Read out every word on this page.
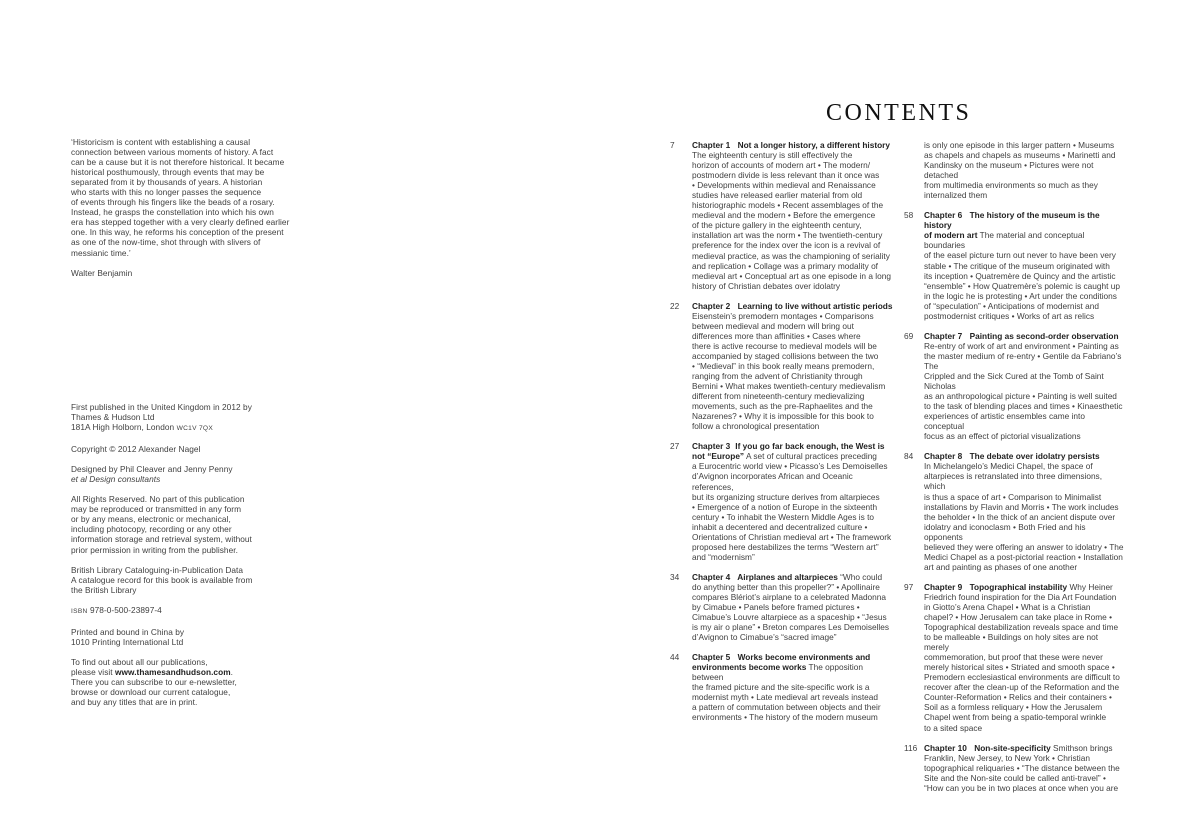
‘Historicism is content with establishing a causal
connection between various moments of history. A fact
can be a cause but it is not therefore historical. It became
historical posthumously, through events that may be
separated from it by thousands of years. A historian
who starts with this no longer passes the sequence
of events through his fingers like the beads of a rosary.
Instead, he grasps the constellation into which his own
era has stepped together with a very clearly defined earlier
one. In this way, he reforms his conception of the present
as one of the now-time, shot through with slivers of
messianic time.’

Walter Benjamin

First published in the United Kingdom in 2012 by
Thames & Hudson Ltd
181A High Holborn, London WC1V 7QX

Copyright © 2012 Alexander Nagel

Designed by Phil Cleaver and Jenny Penny
et al Design consultants

All Rights Reserved. No part of this publication
may be reproduced or transmitted in any form
or by any means, electronic or mechanical,
including photocopy, recording or any other
information storage and retrieval system, without
prior permission in writing from the publisher.

British Library Cataloguing-in-Publication Data
A catalogue record for this book is available from
the British Library

ISBN 978-0-500-23897-4

Printed and bound in China by
1010 Printing International Ltd

To find out about all our publications,
please visit www.thamesandhudson.com.
There you can subscribe to our e-newsletter,
browse or download our current catalogue,
and buy any titles that are in print.

CONTENTS
7	Chapter 1 Not a longer history, a different history
The eighteenth century is still effectively the
horizon of accounts of modern art • The modern/
postmodern divide is less relevant than it once was
• Developments within medieval and Renaissance
studies have released earlier material from old
historiographic models • Recent assemblages of the
medieval and the modern • Before the emergence
of the picture gallery in the eighteenth century,
installation art was the norm • The twentieth-century
preference for the index over the icon is a revival of
medieval practice, as was the championing of seriality
and replication • Collage was a primary modality of
medieval art • Conceptual art as one episode in a long
history of Christian debates over idolatry
22	Chapter 2 Learning to live without artistic periods
Eisenstein’s premodern montages • Comparisons
between medieval and modern will bring out
differences more than affinities • Cases where
there is active recourse to medieval models will be
accompanied by staged collisions between the two
• “Medieval” in this book really means premodern,
ranging from the advent of Christianity through
Bernini • What makes twentieth-century medievalism
different from nineteenth-century medievalizing
movements, such as the pre-Raphaelites and the
Nazarenes? • Why it is impossible for this book to
follow a chronological presentation
27	Chapter 3 If you go far back enough, the West is
not “Europe” A set of cultural practices preceding
a Eurocentric world view • Picasso’s Les Demoiselles
d’Avignon incorporates African and Oceanic references,
but its organizing structure derives from altarpieces
• Emergence of a notion of Europe in the sixteenth
century • To inhabit the Western Middle Ages is to
inhabit a decentered and decentralized culture •
Orientations of Christian medieval art • The framework
proposed here destabilizes the terms “Western art”
and “modernism”
34	Chapter 4 Airplanes and altarpieces “Who could
do anything better than this propeller?” • Apollinaire
compares Blériot’s airplane to a celebrated Madonna
by Cimabue • Panels before framed pictures •
Cimabue’s Louvre altarpiece as a spaceship • “Jesus
is my air o plane” • Breton compares Les Demoiselles
d’Avignon to Cimabue’s “sacred image”
44	Chapter 5 Works become environments and
environments become works The opposition between
the framed picture and the site-specific work is a
modernist myth • Late medieval art reveals instead
a pattern of commutation between objects and their
environments • The history of the modern museum
is only one episode in this larger pattern • Museums
as chapels and chapels as museums • Marinetti and
Kandinsky on the museum • Pictures were not detached
from multimedia environments so much as they
internalized them
58	Chapter 6 The history of the museum is the history
of modern art The material and conceptual boundaries
of the easel picture turn out never to have been very
stable • The critique of the museum originated with
its inception • Quatremère de Quincy and the artistic
“ensemble” • How Quatremère’s polemic is caught up
in the logic he is protesting • Art under the conditions
of “speculation” • Anticipations of modernist and
postmodernist critiques • Works of art as relics
69	Chapter 7 Painting as second-order observation
Re-entry of work of art and environment • Painting as
the master medium of re-entry • Gentile da Fabriano’s The
Crippled and the Sick Cured at the Tomb of Saint Nicholas
as an anthropological picture • Painting is well suited
to the task of blending places and times • Kinaesthetic
experiences of artistic ensembles came into conceptual
focus as an effect of pictorial visualizations
84	Chapter 8 The debate over idolatry persists
In Michelangelo’s Medici Chapel, the space of
altarpieces is retranslated into three dimensions, which
is thus a space of art • Comparison to Minimalist
installations by Flavin and Morris • The work includes
the beholder • In the thick of an ancient dispute over
idolatry and iconoclasm • Both Fried and his opponents
believed they were offering an answer to idolatry • The
Medici Chapel as a post-pictorial reaction • Installation
art and painting as phases of one another
97	Chapter 9 Topographical instability Why Heiner
Friedrich found inspiration for the Dia Art Foundation
in Giotto’s Arena Chapel • What is a Christian
chapel? • How Jerusalem can take place in Rome •
Topographical destabilization reveals space and time
to be malleable • Buildings on holy sites are not merely
commemoration, but proof that these were never
merely historical sites • Striated and smooth space •
Premodern ecclesiastical environments are difficult to
recover after the clean-up of the Reformation and the
Counter-Reformation • Relics and their containers •
Soil as a formless reliquary • How the Jerusalem
Chapel went from being a spatio-temporal wrinkle
to a sited space
116 Chapter 10 Non-site-specificity Smithson brings
Franklin, New Jersey, to New York • Christian
topographical reliquaries • “The distance between the
Site and the Non-site could be called anti-travel” •
“How can you be in two places at once when you are
